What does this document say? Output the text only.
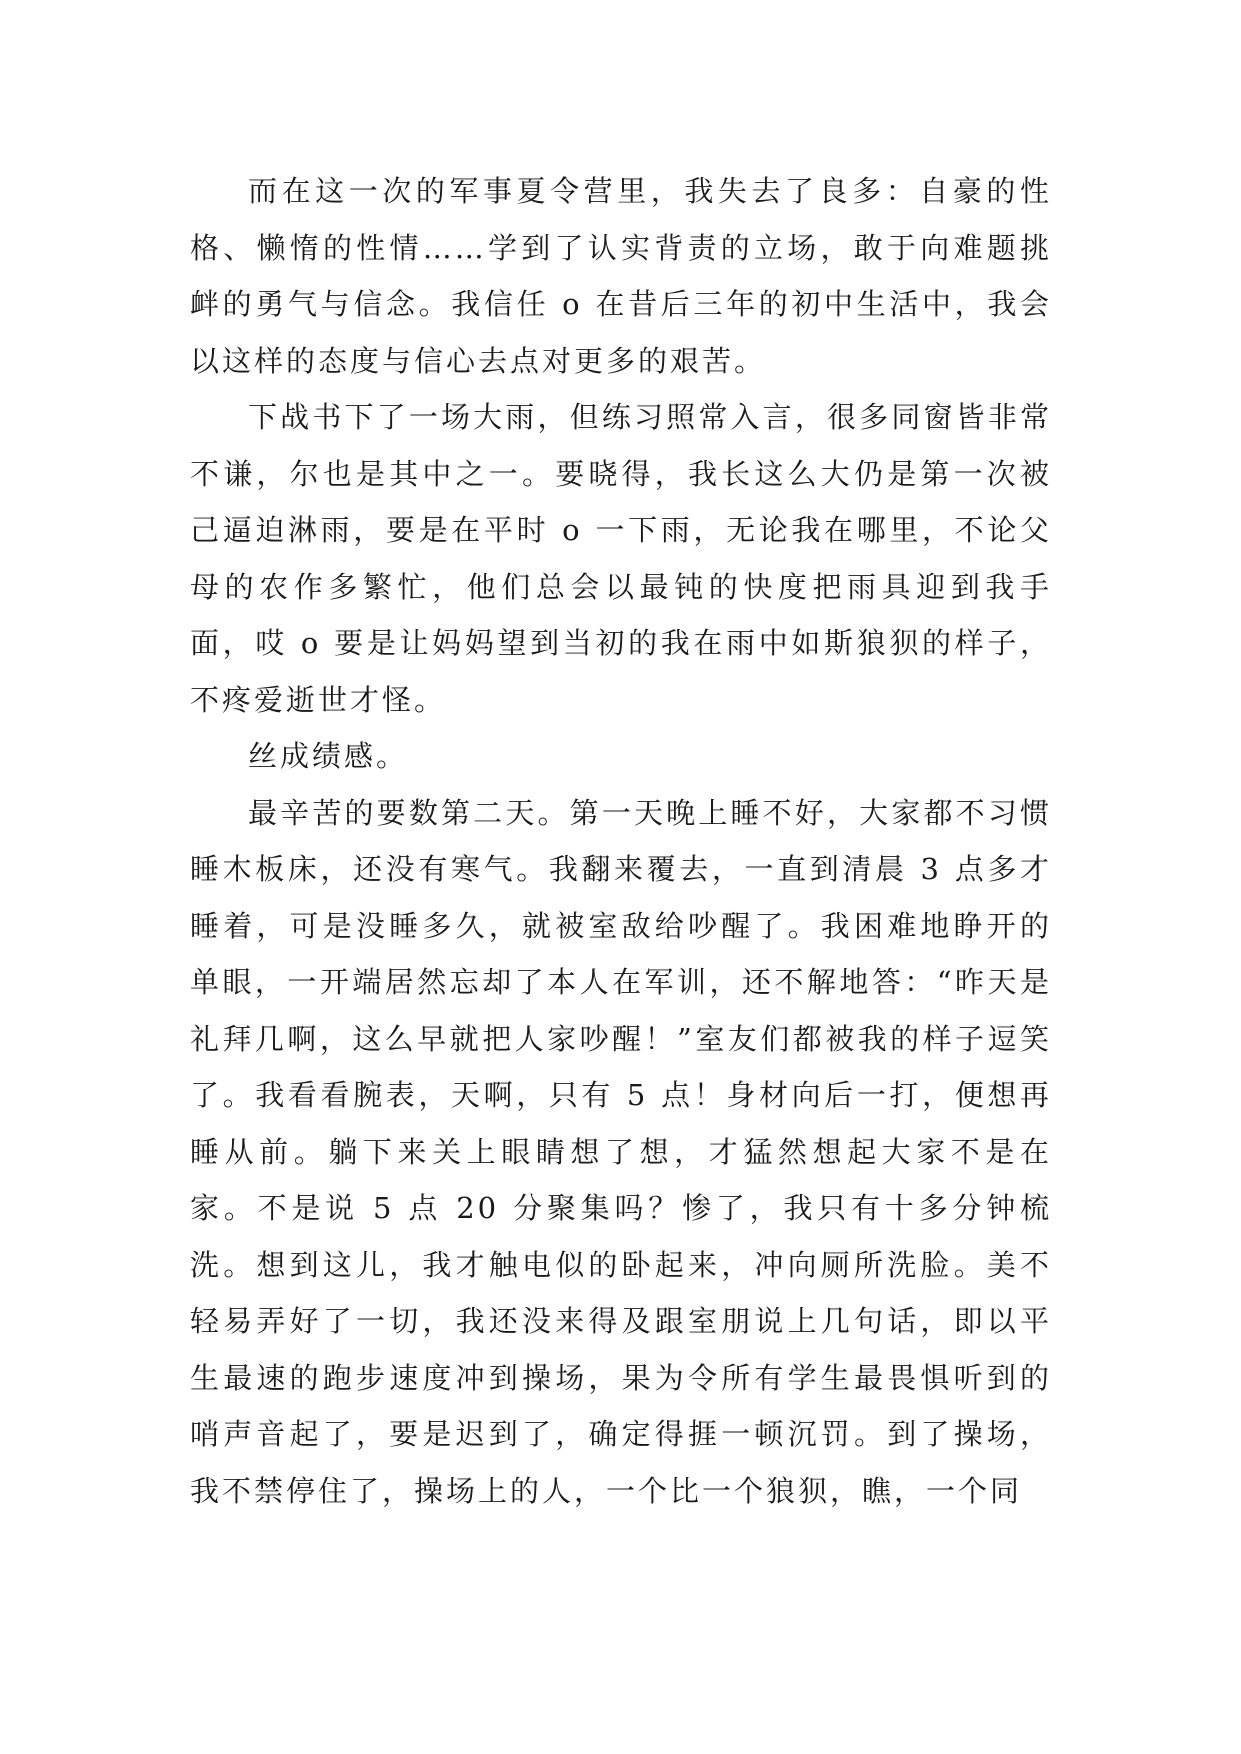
而在这一次的军事夏令营里，我失去了良多：自豪的性格、懒惰的性情……学到了认实背责的立场，敢于向难题挑衅的勇气与信念。我信任 o 在昔后三年的初中生活中，我会以这样的态度与信心去点对更多的艰苦。

下战书下了一场大雨，但练习照常入言，很多同窗皆非常不谦，尔也是其中之一。要晓得，我长这么大仍是第一次被己逼迫淋雨，要是在平时 o 一下雨，无论我在哪里，不论父母的农作多繁忙，他们总会以最钝的快度把雨具迎到我手面，哎 o 要是让妈妈望到当初的我在雨中如斯狼狈的样子，不疼爱逝世才怪。

丝成绩感。

最辛苦的要数第二天。第一天晚上睡不好，大家都不习惯睡木板床，还没有寒气。我翻来覆去，一直到清晨 3 点多才睡着，可是没睡多久，就被室敌给吵醒了。我困难地睁开的单眼，一开端居然忘却了本人在军训，还不解地答：“昨天是礼拜几啊，这么早就把人家吵醒！”室友们都被我的样子逗笑了。我看看腕表，天啊，只有 5 点！身材向后一打，便想再睡从前。躺下来关上眼睛想了想，才猛然想起大家不是在家。不是说 5 点 20 分聚集吗？惨了，我只有十多分钟梳洗。想到这儿，我才触电似的卧起来，冲向厕所洗脸。美不轻易弄好了一切，我还没来得及跟室朋说上几句话，即以平生最速的跑步速度冲到操场，果为令所有学生最畏惧听到的哨声音起了，要是迟到了，确定得捱一顿沉罚。到了操场，我不禁停住了，操场上的人，一个比一个狼狈，瞧，一个同
